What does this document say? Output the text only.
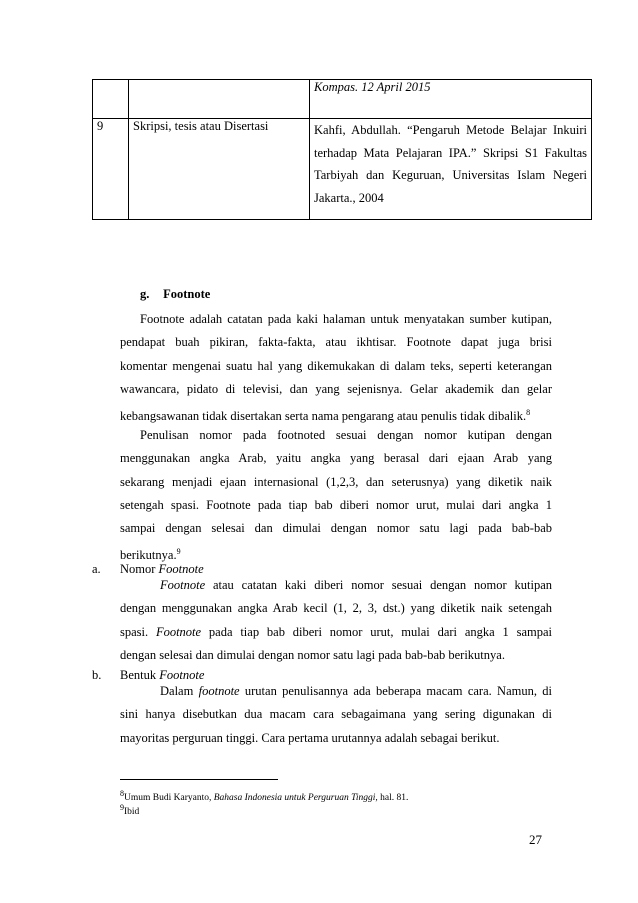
		Kompas. 12 April 2015
9	Skripsi, tesis atau Disertasi	Kahfi, Abdullah. “Pengaruh Metode Belajar Inkuiri
terhadap Mata Pelajaran IPA.” Skripsi S1 Fakultas
Tarbiyah dan Keguruan, Universitas Islam Negeri
Jakarta., 2004
g. Footnote
Footnote adalah catatan pada kaki halaman untuk menyatakan sumber kutipan,
pendapat buah pikiran, fakta-fakta, atau ikhtisar. Footnote dapat juga brisi
komentar mengenai suatu hal yang dikemukakan di dalam teks, seperti keterangan
wawancara, pidato di televisi, dan yang sejenisnya. Gelar akademik dan gelar
kebangsawanan tidak disertakan serta nama pengarang atau penulis tidak dibalik.$^8$
Penulisan nomor pada footnoted sesuai dengan nomor kutipan dengan
menggunakan angka Arab, yaitu angka yang berasal dari ejaan Arab yang
sekarang menjadi ejaan internasional (1,2,3, dan seterusnya) yang diketik naik
setengah spasi. Footnote pada tiap bab diberi nomor urut, mulai dari angka 1
sampai dengan selesai dan dimulai dengan nomor satu lagi pada bab-bab
berikutnya.$^9$
a. Nomor Footnote
Footnote atau catatan kaki diberi nomor sesuai dengan nomor kutipan
dengan menggunakan angka Arab kecil (1, 2, 3, dst.) yang diketik naik setengah
spasi. Footnote pada tiap bab diberi nomor urut, mulai dari angka 1 sampai
dengan selesai dan dimulai dengan nomor satu lagi pada bab-bab berikutnya.
b. Bentuk Footnote
Dalam footnote urutan penulisannya ada beberapa macam cara. Namun, di
sini hanya disebutkan dua macam cara sebagaimana yang sering digunakan di
mayoritas perguruan tinggi. Cara pertama urutannya adalah sebagai berikut.
$^8$Umum Budi Karyanto, Bahasa Indonesia untuk Perguruan Tinggi, hal. 81.
$^9$Ibid
27
